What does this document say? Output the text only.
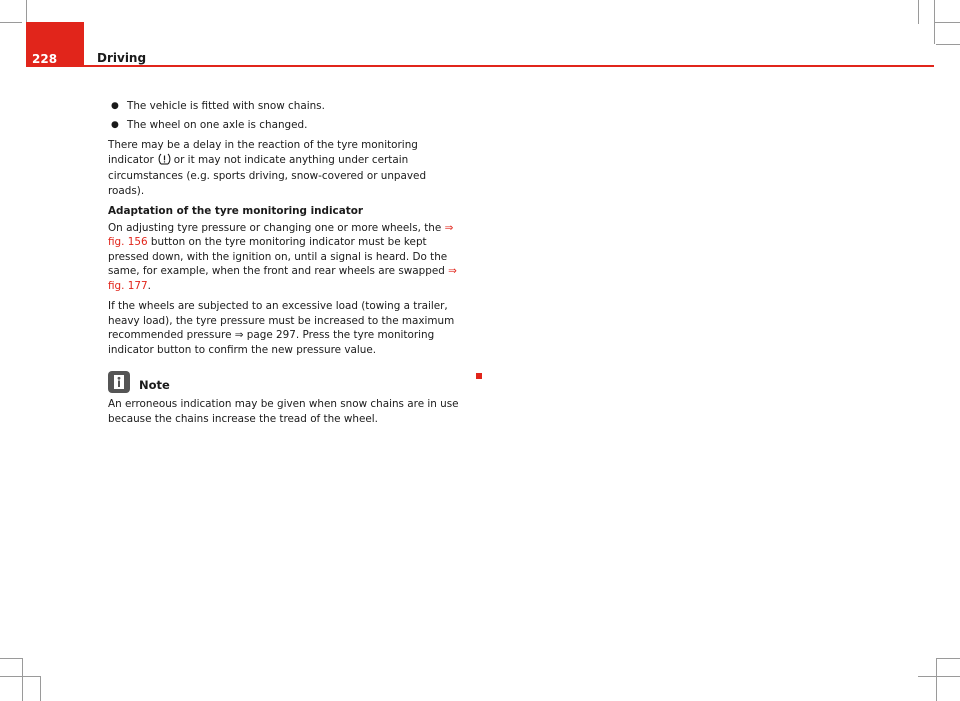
228	Driving
● The vehicle is fitted with snow chains.
● The wheel on one axle is changed.

There may be a delay in the reaction of the tyre monitoring indicator or it may not indicate anything under certain circumstances (e.g. sports driving, snow-covered or unpaved roads).

Adaptation of the tyre monitoring indicator

On adjusting tyre pressure or changing one or more wheels, the ⇒ fig. 156 button on the tyre monitoring indicator must be kept pressed down, with the ignition on, until a signal is heard. Do the same, for example, when the front and rear wheels are swapped ⇒ fig. 177.

If the wheels are subjected to an excessive load (towing a trailer, heavy load), the tyre pressure must be increased to the maximum recommended pressure ⇒ page 297. Press the tyre monitoring indicator button to confirm the new pressure value.

Note

An erroneous indication may be given when snow chains are in use because the chains increase the tread of the wheel.
